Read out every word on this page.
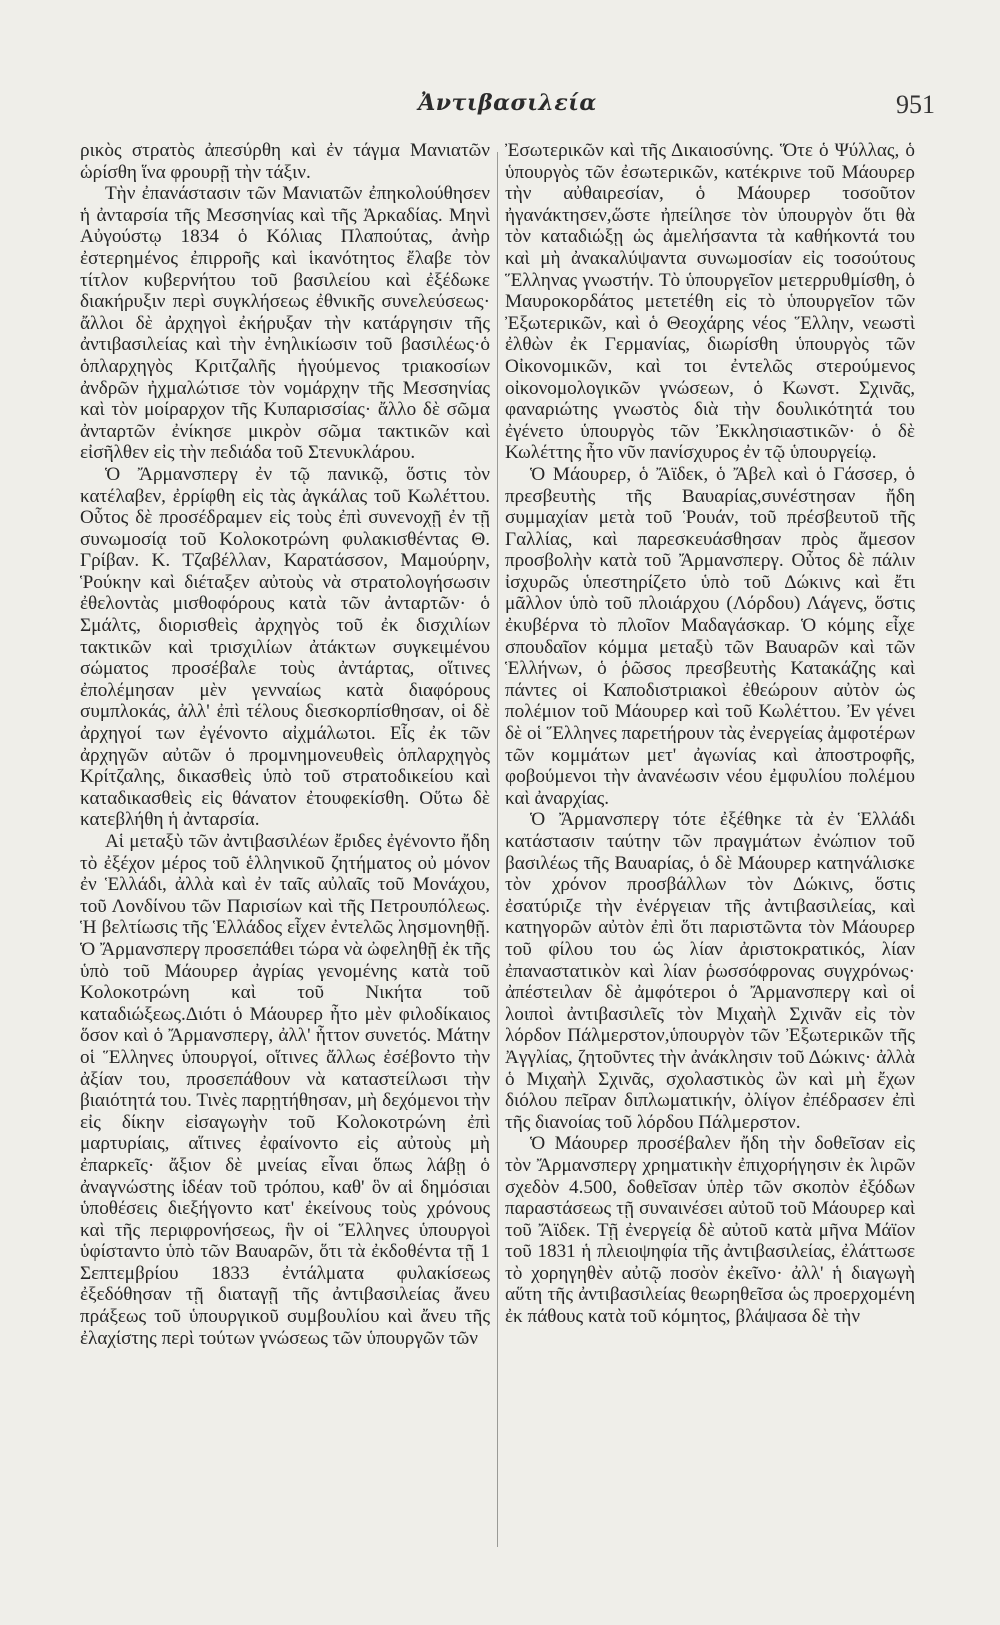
Ἀντιβασιλεία	951

ρικὸς στρατὸς ἀπεσύρθη καὶ ἐν τάγμα Μανιατῶν ὡρίσθη ἵνα φρουρῇ τὴν τάξιν.

Τὴν ἐπανάστασιν τῶν Μανιατῶν ἐπηκολούθησεν ἡ ἀνταρσία τῆς Μεσσηνίας καὶ τῆς Ἀρκαδίας. Μηνὶ Αὐγούστῳ 1834 ὁ Κόλιας Πλαπούτας, ἀνὴρ ἐστερημένος ἐπιρροῆς καὶ ἱκανότητος ἔλαβε τὸν τίτλον κυβερνήτου τοῦ βασιλείου καὶ ἐξέδωκε διακήρυξιν περὶ συγκλήσεως ἐθνικῆς συνελεύσεως· ἄλλοι δὲ ἀρχηγοὶ ἐκήρυξαν τὴν κατάργησιν τῆς ἀντιβασιλείας καὶ τὴν ἐνηλικίωσιν τοῦ βασιλέως·ὁ ὁπλαρχηγὸς Κριτζαλῆς ἡγούμενος τριακοσίων ἀνδρῶν ἠχμαλώτισε τὸν νομάρχην τῆς Μεσσηνίας καὶ τὸν μοίραρχον τῆς Κυπαρισσίας· ἄλλο δὲ σῶμα ἀνταρτῶν ἐνίκησε μικρὸν σῶμα τακτικῶν καὶ εἰσῆλθεν εἰς τὴν πεδιάδα τοῦ Στενυκλάρου.

Ὁ Ἄρμανσπεργ ἐν τῷ πανικῷ, ὅστις τὸν κατέλαβεν, ἐρρίφθη εἰς τὰς ἀγκάλας τοῦ Κωλέττου. Οὗτος δὲ προσέδραμεν εἰς τοὺς ἐπὶ συνενοχῇ ἐν τῇ συνωμοσίᾳ τοῦ Κολοκοτρώνη φυλακισθέντας Θ. Γρίβαν. Κ. Τζαβέλλαν, Καρατάσσον, Μαμούρην, Ῥούκην καὶ διέταξεν αὐτοὺς νὰ στρατολογήσωσιν ἐθελοντὰς μισθοφόρους κατὰ τῶν ἀνταρτῶν· ὁ Σμάλτς, διορισθεὶς ἀρχηγὸς τοῦ ἐκ δισχιλίων τακτικῶν καὶ τρισχιλίων ἀτάκτων συγκειμένου σώματος προσέβαλε τοὺς ἀντάρτας, οἵτινες ἐπολέμησαν μὲν γενναίως κατὰ διαφόρους συμπλοκάς, ἀλλ' ἐπὶ τέλους διεσκορπίσθησαν, οἱ δὲ ἀρχηγοί των ἐγένοντο αἰχμάλωτοι. Εἷς ἐκ τῶν ἀρχηγῶν αὐτῶν ὁ προμνημονευθεὶς ὁπλαρχηγὸς Κρίτζαλης, δικασθεὶς ὑπὸ τοῦ στρατοδικείου καὶ καταδικασθεὶς εἰς θάνατον ἐτουφεκίσθη. Οὕτω δὲ κατεβλήθη ἡ ἀνταρσία.

Αἱ μεταξὺ τῶν ἀντιβασιλέων ἔριδες ἐγένοντο ἤδη τὸ ἐξέχον μέρος τοῦ ἑλληνικοῦ ζητήματος οὐ μόνον ἐν Ἑλλάδι, ἀλλὰ καὶ ἐν ταῖς αὐλαῖς τοῦ Μονάχου, τοῦ Λονδίνου τῶν Παρισίων καὶ τῆς Πετρουπόλεως. Ἡ βελτίωσις τῆς Ἑλλάδος εἶχεν ἐντελῶς λησμονηθῇ. Ὁ Ἄρμανσπεργ προσεπάθει τώρα νὰ ὠφεληθῇ ἐκ τῆς ὑπὸ τοῦ Μάουρερ ἀγρίας γενομένης κατὰ τοῦ Κολοκοτρώνη καὶ τοῦ Νικήτα τοῦ καταδιώξεως.Διότι ὁ Μάουρερ ἦτο μὲν φιλοδίκαιος ὅσον καὶ ὁ Ἄρμανσπεργ, ἀλλ' ἧττον συνετός. Μάτην οἱ Ἕλληνες ὑπουργοί, οἵτινες ἄλλως ἐσέβοντο τὴν ἀξίαν του, προσεπάθουν νὰ καταστείλωσι τὴν βιαιότητά του. Τινὲς παρῃτήθησαν, μὴ δεχόμενοι τὴν εἰς δίκην εἰσαγωγὴν τοῦ Κολοκοτρώνη ἐπὶ μαρτυρίαις, αἵτινες ἐφαίνοντο εἰς αὐτοὺς μὴ ἐπαρκεῖς· ἄξιον δὲ μνείας εἶναι ὅπως λάβῃ ὁ ἀναγνώστης ἰδέαν τοῦ τρόπου, καθ' ὃν αἱ δημόσιαι ὑποθέσεις διεξήγοντο κατ' ἐκείνους τοὺς χρόνους καὶ τῆς περιφρονήσεως, ἣν οἱ Ἕλληνες ὑπουργοὶ ὑφίσταντο ὑπὸ τῶν Βαυαρῶν, ὅτι τὰ ἐκδοθέντα τῇ 1 Σεπτεμβρίου 1833 ἐντάλματα φυλακίσεως ἐξεδόθησαν τῇ διαταγῇ τῆς ἀντιβασιλείας ἄνευ πράξεως τοῦ ὑπουργικοῦ συμβουλίου καὶ ἄνευ τῆς ἐλαχίστης περὶ τούτων γνώσεως τῶν ὑπουργῶν τῶν

Ἐσωτερικῶν καὶ τῆς Δικαιοσύνης. Ὅτε ὁ Ψύλλας, ὁ ὑπουργὸς τῶν ἐσωτερικῶν, κατέκρινε τοῦ Μάουρερ τὴν αὐθαιρεσίαν, ὁ Μάουρερ τοσοῦτον ἠγανάκτησεν,ὥστε ἠπείλησε τὸν ὑπουργὸν ὅτι θὰ τὸν καταδιώξῃ ὡς ἀμελήσαντα τὰ καθήκοντά του καὶ μὴ ἀνακαλύψαντα συνωμοσίαν εἰς τοσούτους Ἕλληνας γνωστήν. Τὸ ὑπουργεῖον μετερρυθμίσθη, ὁ Μαυροκορδάτος μετετέθη εἰς τὸ ὑπουργεῖον τῶν Ἐξωτερικῶν, καὶ ὁ Θεοχάρης νέος Ἕλλην, νεωστὶ ἐλθὼν ἐκ Γερμανίας, διωρίσθη ὑπουργὸς τῶν Οἰκονομικῶν, καὶ τοι ἐντελῶς στερούμενος οἰκονομολογικῶν γνώσεων, ὁ Κωνστ. Σχινᾶς, φαναριώτης γνωστὸς διὰ τὴν δουλικότητά του ἐγένετο ὑπουργὸς τῶν Ἐκκλησιαστικῶν· ὁ δὲ Κωλέττης ἦτο νῦν πανίσχυρος ἐν τῷ ὑπουργείῳ.

Ὁ Μάουρερ, ὁ Ἄϊδεκ, ὁ Ἄβελ καὶ ὁ Γάσσερ, ὁ πρεσβευτὴς τῆς Βαυαρίας,συνέστησαν ἤδη συμμαχίαν μετὰ τοῦ Ῥουάν, τοῦ πρέσβευτοῦ τῆς Γαλλίας, καὶ παρεσκευάσθησαν πρὸς ἄμεσον προσβολὴν κατὰ τοῦ Ἄρμανσπεργ. Οὗτος δὲ πάλιν ἰσχυρῶς ὑπεστηρίζετο ὑπὸ τοῦ Δώκινς καὶ ἔτι μᾶλλον ὑπὸ τοῦ πλοιάρχου (Λόρδου) Λάγενς, ὅστις ἐκυβέρνα τὸ πλοῖον Μαδαγάσκαρ. Ὁ κόμης εἶχε σπουδαῖον κόμμα μεταξὺ τῶν Βαυαρῶν καὶ τῶν Ἑλλήνων, ὁ ῥῶσος πρεσβευτὴς Κατακάζης καὶ πάντες οἱ Καποδιστριακοὶ ἐθεώρουν αὐτὸν ὡς πολέμιον τοῦ Μάουρερ καὶ τοῦ Κωλέττου. Ἐν γένει δὲ οἱ Ἕλληνες παρετήρουν τὰς ἐνεργείας ἀμφοτέρων τῶν κομμάτων μετ' ἀγωνίας καὶ ἀποστροφῆς, φοβούμενοι τὴν ἀνανέωσιν νέου ἐμφυλίου πολέμου καὶ ἀναρχίας.

Ὁ Ἄρμανσπεργ τότε ἐξέθηκε τὰ ἐν Ἑλλάδι κατάστασιν ταύτην τῶν πραγμάτων ἐνώπιον τοῦ βασιλέως τῆς Βαυαρίας, ὁ δὲ Μάουρερ κατηνάλισκε τὸν χρόνον προσβάλλων τὸν Δώκινς, ὅστις ἐσατύριζε τὴν ἐνέργειαν τῆς ἀντιβασιλείας, καὶ κατηγορῶν αὐτὸν ἐπὶ ὅτι παριστῶντα τὸν Μάουρερ τοῦ φίλου του ὡς λίαν ἀριστοκρατικός, λίαν ἐπαναστατικὸν καὶ λίαν ῥωσσόφρονας συγχρόνως· ἀπέστειλαν δὲ ἀμφότεροι ὁ Ἄρμανσπεργ καὶ οἱ λοιποὶ ἀντιβασιλεῖς τὸν Μιχαὴλ Σχινᾶν εἰς τὸν λόρδον Πάλμερστον,ὑπουργὸν τῶν Ἐξωτερικῶν τῆς Ἀγγλίας, ζητοῦντες τὴν ἀνάκλησιν τοῦ Δώκινς· ἀλλὰ ὁ Μιχαὴλ Σχινᾶς, σχολαστικὸς ὢν καὶ μὴ ἔχων διόλου πεῖραν διπλωματικήν, ὀλίγον ἐπέδρασεν ἐπὶ τῆς διανοίας τοῦ λόρδου Πάλμερστον.

Ὁ Μάουρερ προσέβαλεν ἤδη τὴν δοθεῖσαν εἰς τὸν Ἄρμανσπεργ χρηματικὴν ἐπιχορήγησιν ἐκ λιρῶν σχεδὸν 4.500, δοθεῖσαν ὑπὲρ τῶν σκοπὸν ἐξόδων παραστάσεως τῇ συναινέσει αὐτοῦ τοῦ Μάουρερ καὶ τοῦ Ἄϊδεκ. Τῇ ἐνεργείᾳ δὲ αὐτοῦ κατὰ μῆνα Μάϊον τοῦ 1831 ἡ πλειοψηφία τῆς ἀντιβασιλείας, ἐλάττωσε τὸ χορηγηθὲν αὐτῷ ποσὸν ἐκεῖνο· ἀλλ' ἡ διαγωγὴ αὕτη τῆς ἀντιβασιλείας θεωρηθεῖσα ὡς προερχομένη ἐκ πάθους κατὰ τοῦ κόμητος, βλάψασα δὲ τὴν
